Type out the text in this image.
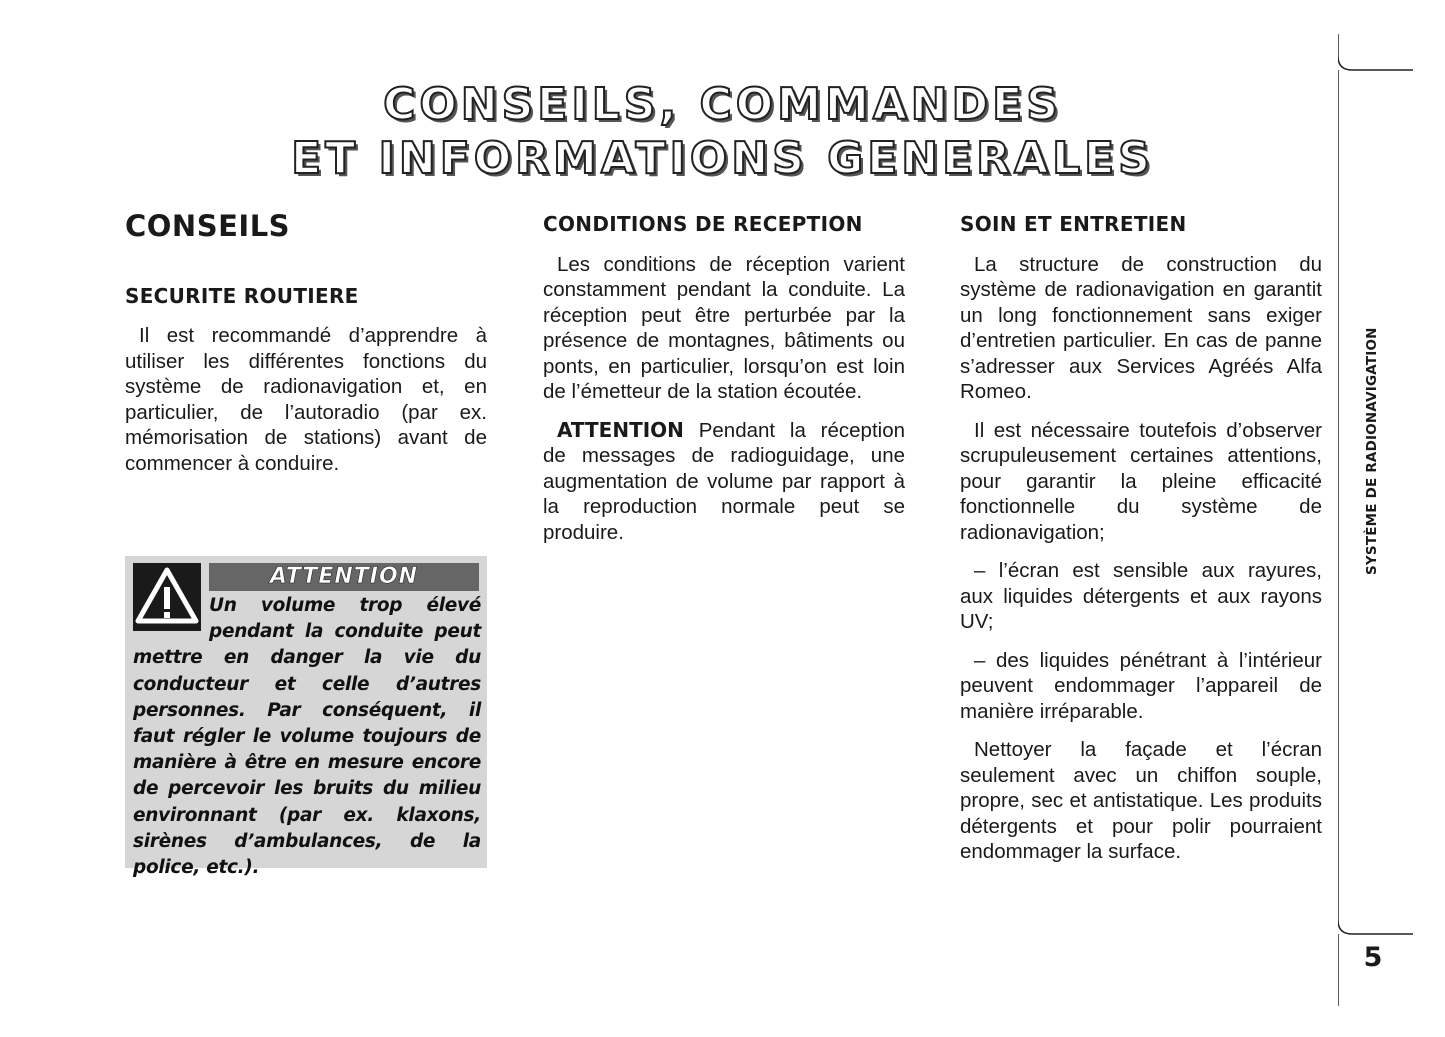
CONSEILS, COMMANDES
ET INFORMATIONS GENERALES
CONSEILS
SECURITE ROUTIERE

Il est recommandé d’apprendre à utiliser les différentes fonctions du système de radionavigation et, en particulier, de l’autoradio (par ex. mémorisation de stations) avant de commencer à conduire.

ATTENTION
Un volume trop élevé pendant la conduite peut mettre en danger la vie du conducteur et celle d’autres personnes. Par conséquent, il faut régler le volume toujours de manière à être en mesure encore de percevoir les bruits du milieu environnant (par ex. klaxons, sirènes d’ambulances, de la police, etc.).
CONDITIONS DE RECEPTION

Les conditions de réception varient constamment pendant la conduite. La réception peut être perturbée par la présence de montagnes, bâtiments ou ponts, en particulier, lorsqu’on est loin de l’émetteur de la station écoutée.

ATTENTION Pendant la réception de messages de radioguidage, une augmentation de volume par rapport à la reproduction normale peut se produire.

SOIN ET ENTRETIEN

La structure de construction du système de radionavigation en garantit un long fonctionnement sans exiger d’entretien particulier. En cas de panne s’adresser aux Services Agréés Alfa Romeo.

Il est nécessaire toutefois d’observer scrupuleusement certaines attentions, pour garantir la pleine efficacité fonctionnelle du système de radionavigation;

– l’écran est sensible aux rayures, aux liquides détergents et aux rayons UV;

– des liquides pénétrant à l’intérieur peuvent endommager l’appareil de manière irréparable.

Nettoyer la façade et l’écran seulement avec un chiffon souple, propre, sec et antistatique. Les produits détergents et pour polir pourraient endommager la surface.

SYSTÈME DE RADIONAVIGATION
5
